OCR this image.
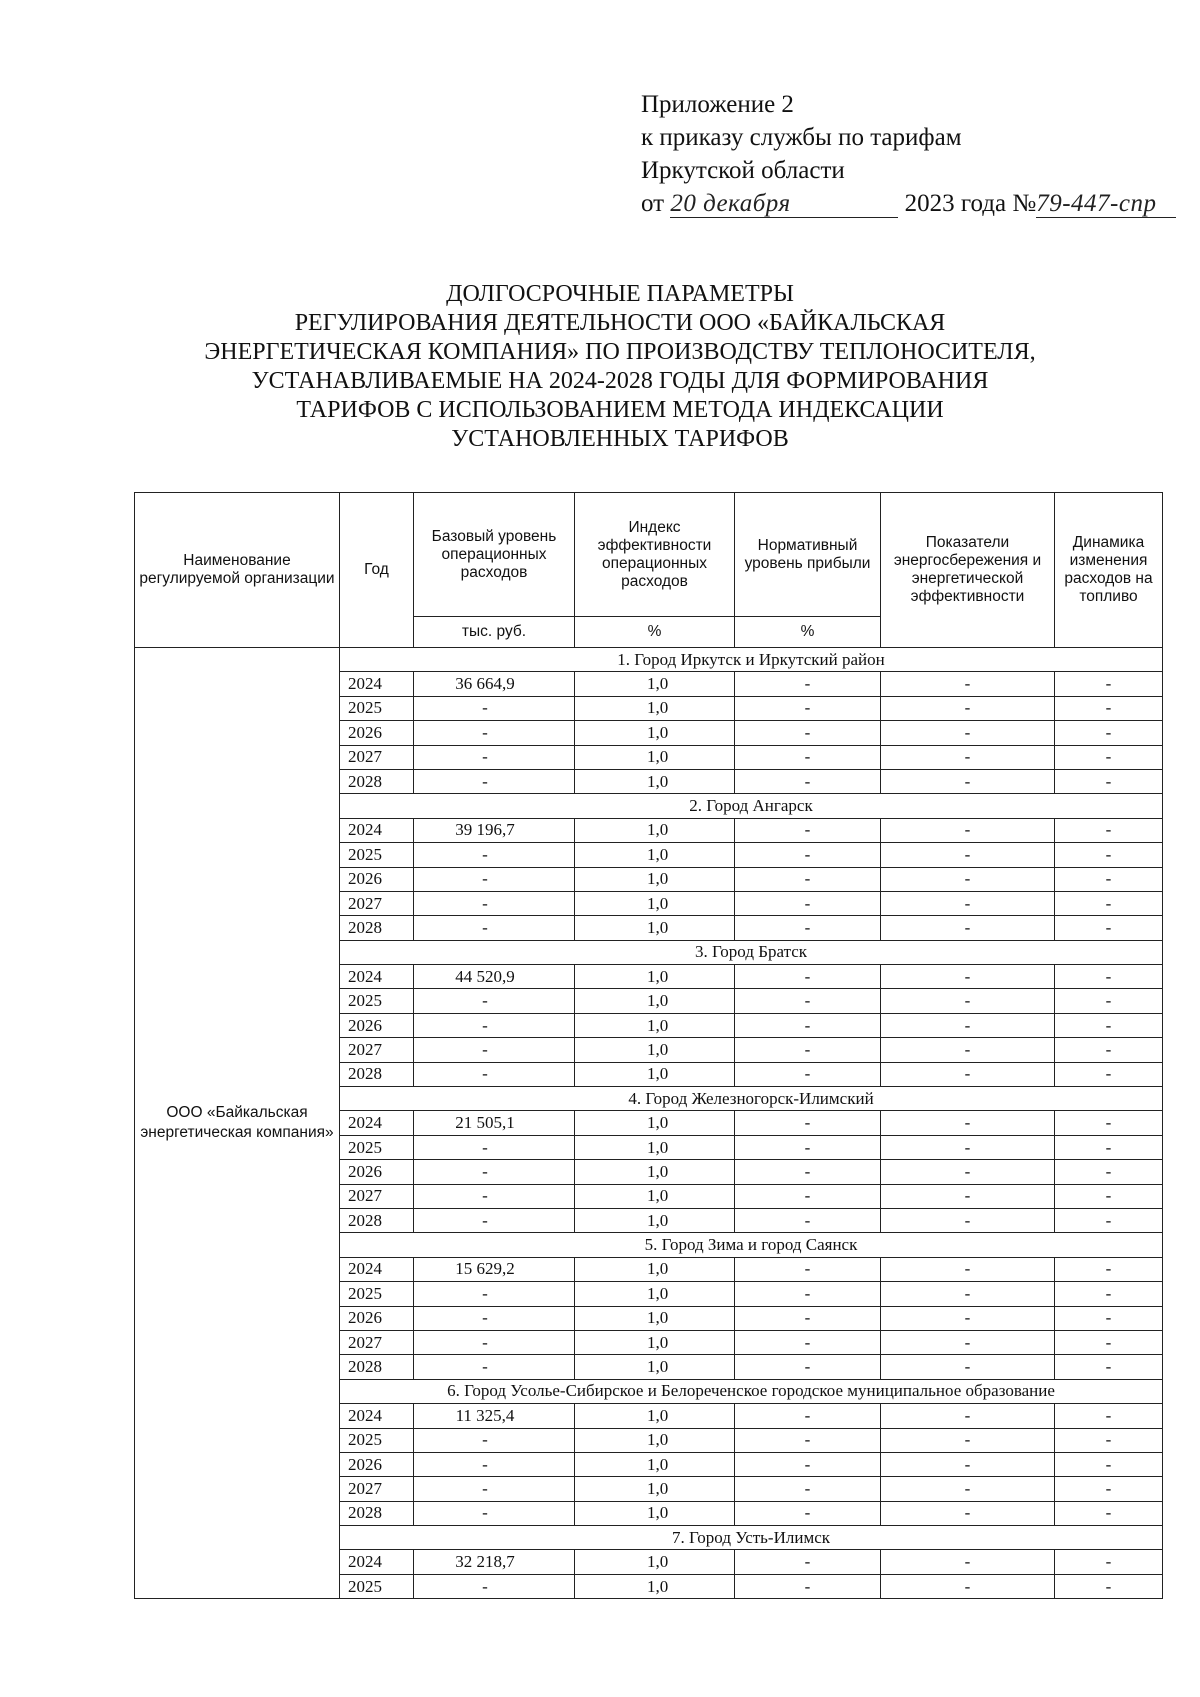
Приложение 2
к приказу службы по тарифам
Иркутской области
от 20 декабря	2023 года №79-447-спр
ДОЛГОСРОЧНЫЕ ПАРАМЕТРЫ
РЕГУЛИРОВАНИЯ ДЕЯТЕЛЬНОСТИ ООО «БАЙКАЛЬСКАЯ
ЭНЕРГЕТИЧЕСКАЯ КОМПАНИЯ» ПО ПРОИЗВОДСТВУ ТЕПЛОНОСИТЕЛЯ,
УСТАНАВЛИВАЕМЫЕ НА 2024-2028 ГОДЫ ДЛЯ ФОРМИРОВАНИЯ
ТАРИФОВ С ИСПОЛЬЗОВАНИЕМ МЕТОДА ИНДЕКСАЦИИ
УСТАНОВЛЕННЫХ ТАРИФОВ
Наименование регулируемой организации	Год	Базовый уровень операционных расходов	Индекс эффективности операционных расходов	Нормативный уровень прибыли	Показатели энергосбережения и энергетической эффективности	Динамика изменения расходов на топливо
		тыс. руб.	%	%		
ООО «Байкальская энергетическая компания»	1. Город Иркутск и Иркутский район					
	2024	36 664,9	1,0	-	-	-
	2025	-	1,0	-	-	-
	2026	-	1,0	-	-	-
	2027	-	1,0	-	-	-
	2028	-	1,0	-	-	-
	2. Город Ангарск					
	2024	39 196,7	1,0	-	-	-
	2025	-	1,0	-	-	-
	2026	-	1,0	-	-	-
	2027	-	1,0	-	-	-
	2028	-	1,0	-	-	-
	3. Город Братск					
	2024	44 520,9	1,0	-	-	-
	2025	-	1,0	-	-	-
	2026	-	1,0	-	-	-
	2027	-	1,0	-	-	-
	2028	-	1,0	-	-	-
	4. Город Железногорск-Илимский					
	2024	21 505,1	1,0	-	-	-
	2025	-	1,0	-	-	-
	2026	-	1,0	-	-	-
	2027	-	1,0	-	-	-
	2028	-	1,0	-	-	-
	5. Город Зима и город Саянск					
	2024	15 629,2	1,0	-	-	-
	2025	-	1,0	-	-	-
	2026	-	1,0	-	-	-
	2027	-	1,0	-	-	-
	2028	-	1,0	-	-	-
	6. Город Усолье-Сибирское и Белореченское городское муниципальное образование					
	2024	11 325,4	1,0	-	-	-
	2025	-	1,0	-	-	-
	2026	-	1,0	-	-	-
	2027	-	1,0	-	-	-
	2028	-	1,0	-	-	-
	7. Город Усть-Илимск					
	2024	32 218,7	1,0	-	-	-
	2025	-	1,0	-	-	-
